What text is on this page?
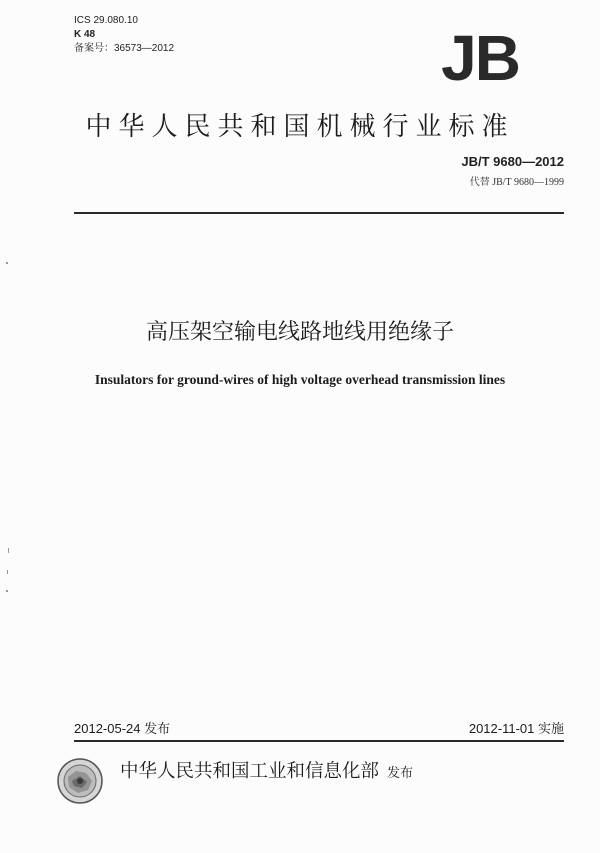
ICS 29.080.10
K 48
备案号：36573—2012	JB
中华人民共和国机械行业标准
JB/T 9680—2012
代替 JB/T 9680—1999
高压架空输电线路地线用绝缘子
Insulators for ground-wires of high voltage overhead transmission lines
2012-05-24 发布	2012-11-01 实施
中华人民共和国工业和信息化部 发布
